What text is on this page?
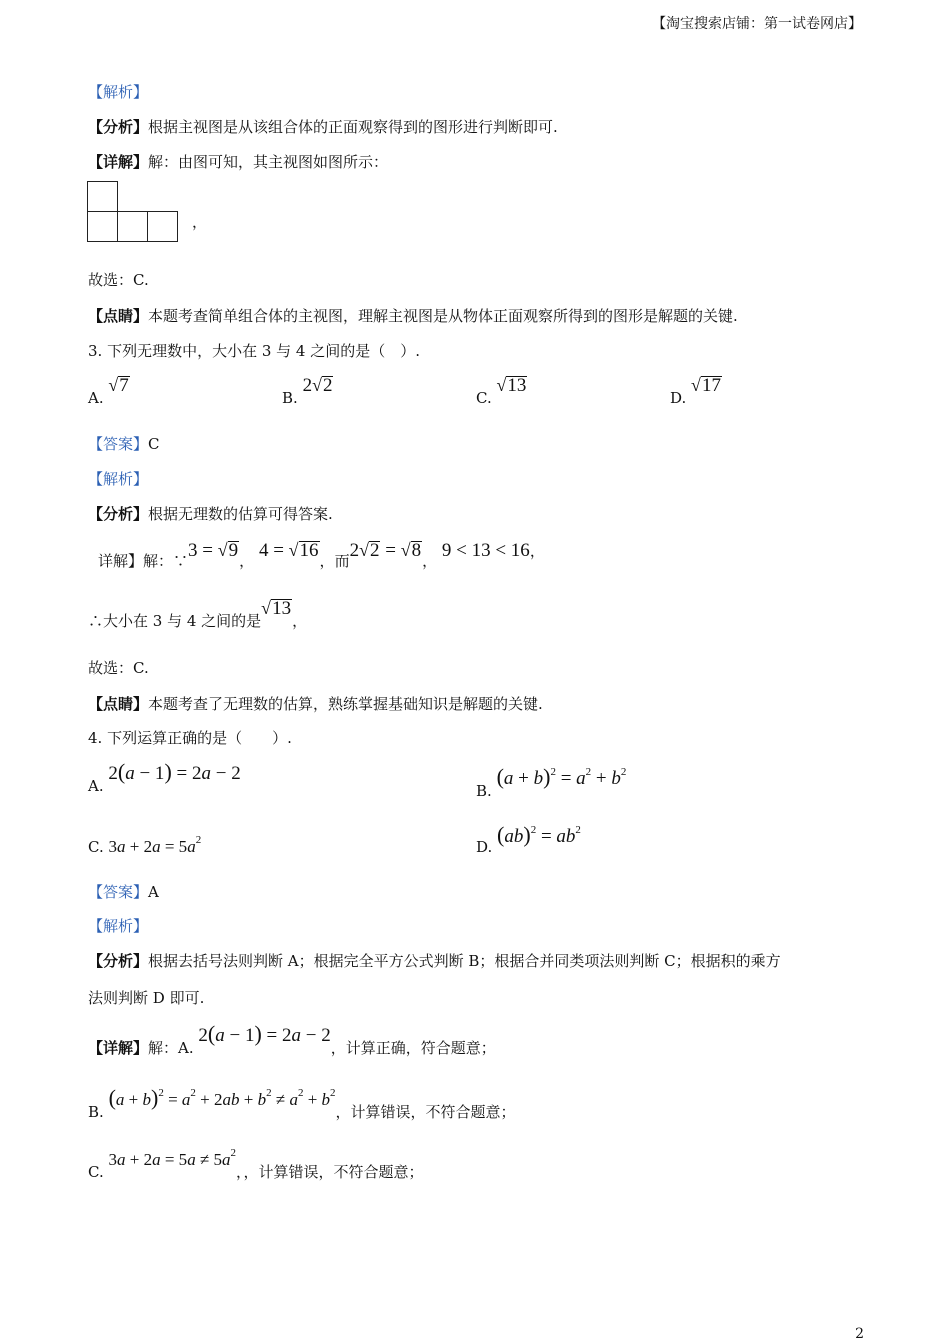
【淘宝搜索店铺：第一试卷网店】
【解析】
【分析】根据主视图是从该组合体的正面观察得到的图形进行判断即可.
【详解】解：由图可知，其主视图如图所示：
，
故选：C.
【点睛】本题考查简单组合体的主视图，理解主视图是从物体正面观察所得到的图形是解题的关键.
3. 下列无理数中，大小在 3 与 4 之间的是（　）.
A. √7
B. 2√2
C. √13
D. √17
【答案】C
【解析】
【分析】根据无理数的估算可得答案.
详解】解：∵3 = √9， 4 = √16，而2√2 = √8， 9 < 13 < 16，
∴大小在 3 与 4 之间的是√13，
故选：C.
【点睛】本题考查了无理数的估算，熟练掌握基础知识是解题的关键.
4. 下列运算正确的是（　　）.
A. 2(a − 1) = 2a − 2
B. $(a + b)^2 = a^2 + b^2$
C. $3a + 2a = 5a^2$	D. $(ab)^2 = ab^2$
【答案】A
【解析】
【分析】根据去括号法则判断 A；根据完全平方公式判断 B；根据合并同类项法则判断 C；根据积的乘方
法则判断 D 即可.
【详解】解：A. 2(a − 1) = 2a − 2，计算正确，符合题意；
B. $(a + b)^2 = a^2 + 2ab + b^2 \ne a^2 + b^2$，计算错误，不符合题意；
C. $3a + 2a = 5a \ne 5a^2$，，计算错误，不符合题意；
2
